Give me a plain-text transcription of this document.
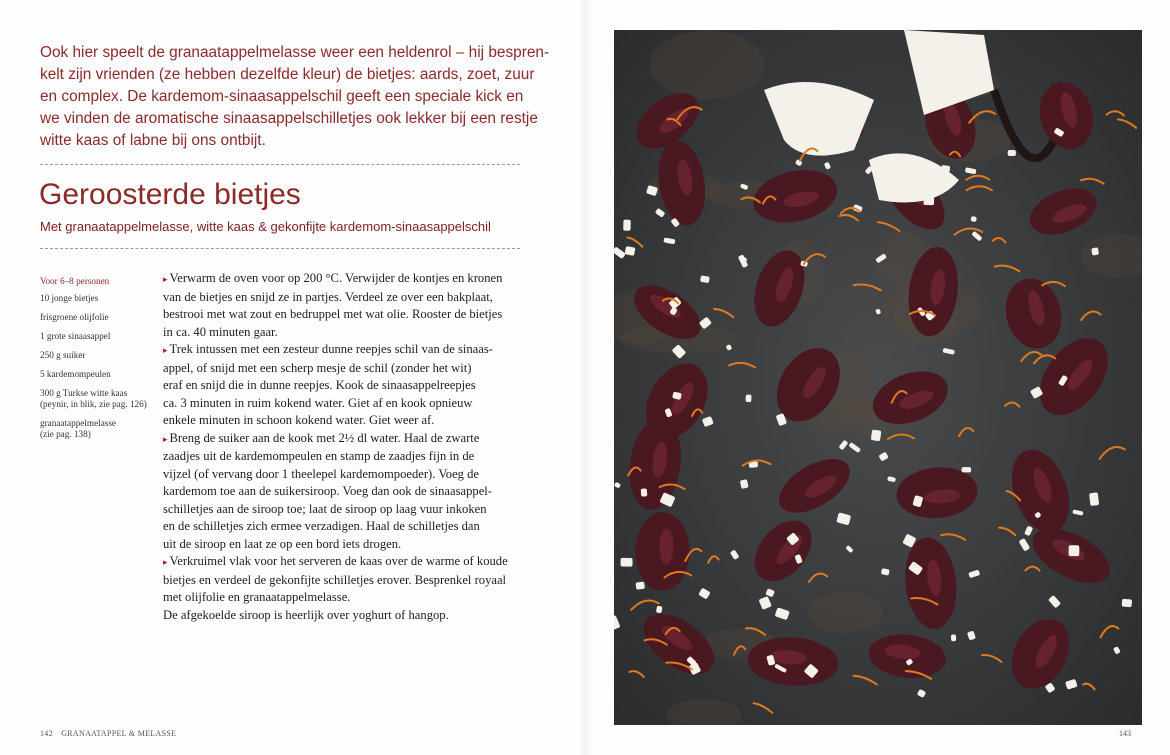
Ook hier speelt de granaatappelmelasse weer een heldenrol – hij bespren-
kelt zijn vrienden (ze hebben dezelfde kleur) de bietjes: aards, zoet, zuur
en complex. De kardemom-sinaasappelschil geeft een speciale kick en
we vinden de aromatische sinaasappelschilletjes ook lekker bij een restje
witte kaas of labne bij ons ontbijt.
Geroosterde bietjes
Met granaatappelmelasse, witte kaas & gekonfijte kardemom-sinaasappelschil
Voor 6–8 personen
10 jonge bietjes
frisgroene olijfolie
1 grote sinaasappel
250 g suiker
5 kardemompeulen
300 g Turkse witte kaas
(peynir, in blik, zie pag. 126)
granaatappelmelasse
(zie pag. 138)
▸ Verwarm de oven voor op 200 °C. Verwijder de kontjes en kronen
van de bietjes en snijd ze in partjes. Verdeel ze over een bakplaat,
bestrooi met wat zout en bedruppel met wat olie. Rooster de bietjes
in ca. 40 minuten gaar.
▸ Trek intussen met een zesteur dunne reepjes schil van de sinaas-
appel, of snijd met een scherp mesje de schil (zonder het wit)
eraf en snijd die in dunne reepjes. Kook de sinaasappelreepjes
ca. 3 minuten in ruim kokend water. Giet af en kook opnieuw
enkele minuten in schoon kokend water. Giet weer af.
▸ Breng de suiker aan de kook met 2½ dl water. Haal de zwarte
zaadjes uit de kardemompeulen en stamp de zaadjes fijn in de
vijzel (of vervang door 1 theelepel kardemompoeder). Voeg de
kardemom toe aan de suikersiroop. Voeg dan ook de sinaasappel-
schilletjes aan de siroop toe; laat de siroop op laag vuur inkoken
en de schilletjes zich ermee verzadigen. Haal de schilletjes dan
uit de siroop en laat ze op een bord iets drogen.
▸ Verkruimel vlak voor het serveren de kaas over de warme of koude
bietjes en verdeel de gekonfijte schilletjes erover. Besprenkel royaal
met olijfolie en granaatappelmelasse.
De afgekoelde siroop is heerlijk over yoghurt of hangop.
142 GRANAATAPPEL & MELASSE	143
